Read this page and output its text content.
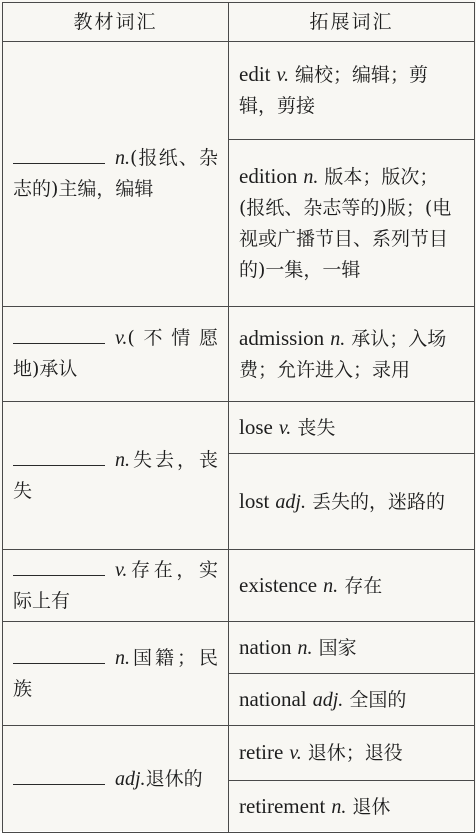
教材词汇	拓展词汇
n.(报纸、杂志的)主编，编辑	edit v. 编校；编辑；剪辑，剪接
	edition n. 版本；版次；(报纸、杂志等的)版；(电视或广播节目、系列节目的)一集，一辑
v.(不情愿地)承认	admission n. 承认；入场费；允许进入；录用
n.失去，丧失	lose v. 丧失
	lost adj. 丢失的，迷路的
v.存在，实际上有	existence n. 存在
n.国籍；民族	nation n. 国家
	national adj. 全国的
adj.退休的	retire v. 退休；退役
	retirement n. 退休
